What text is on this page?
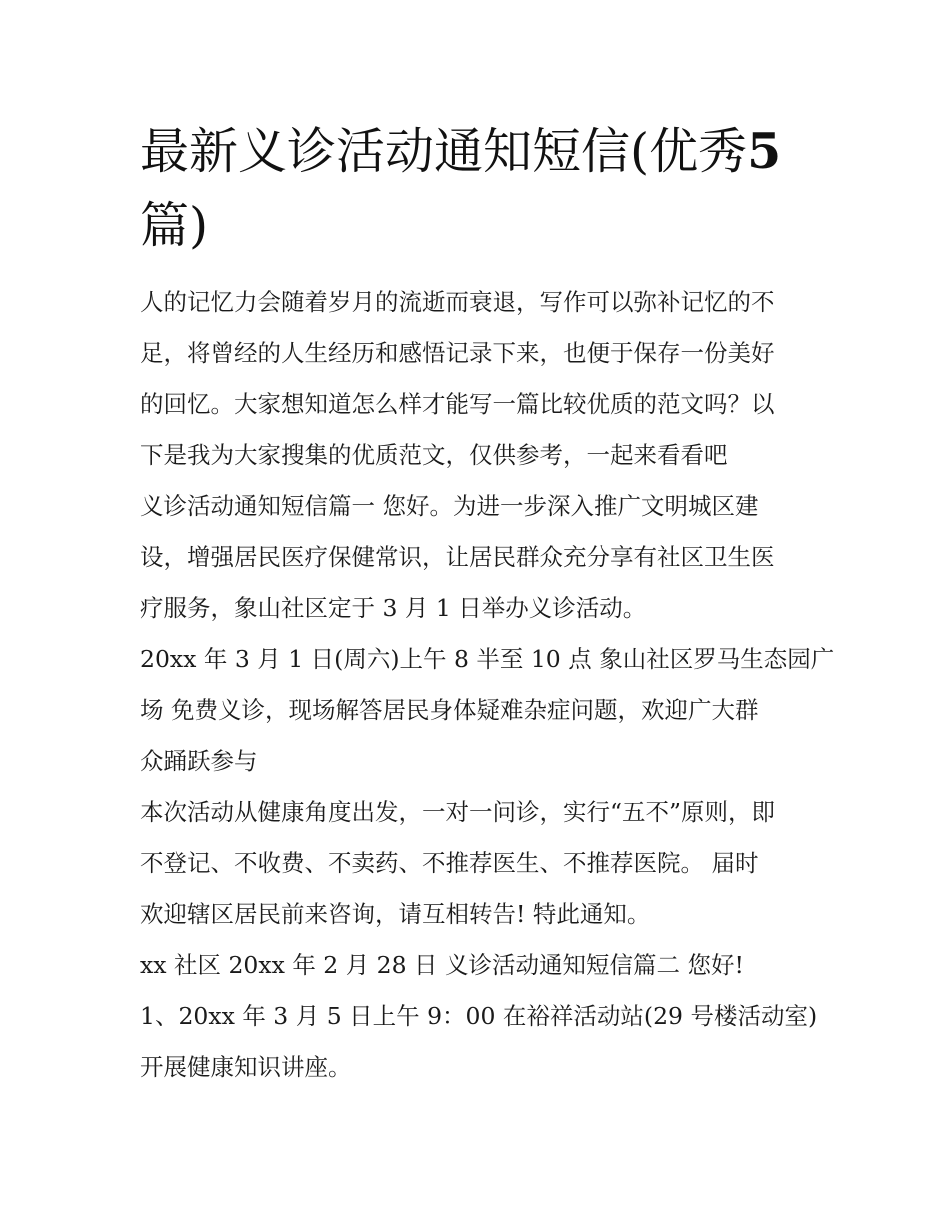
最新义诊活动通知短信(优秀5
篇)
人的记忆力会随着岁月的流逝而衰退，写作可以弥补记忆的不
足，将曾经的人生经历和感悟记录下来，也便于保存一份美好
的回忆。大家想知道怎么样才能写一篇比较优质的范文吗？以
下是我为大家搜集的优质范文，仅供参考，一起来看看吧
义诊活动通知短信篇一 您好。为进一步深入推广文明城区建
设，增强居民医疗保健常识，让居民群众充分享有社区卫生医
疗服务，象山社区定于 3 月 1 日举办义诊活动。
20xx 年 3 月 1 日(周六)上午 8 半至 10 点 象山社区罗马生态园广
场 免费义诊，现场解答居民身体疑难杂症问题，欢迎广大群
众踊跃参与
本次活动从健康角度出发，一对一问诊，实行“五不”原则，即
不登记、不收费、不卖药、不推荐医生、不推荐医院。 届时
欢迎辖区居民前来咨询，请互相转告! 特此通知。
xx 社区 20xx 年 2 月 28 日 义诊活动通知短信篇二 您好!
1、20xx 年 3 月 5 日上午 9：00 在裕祥活动站(29 号楼活动室)
开展健康知识讲座。
